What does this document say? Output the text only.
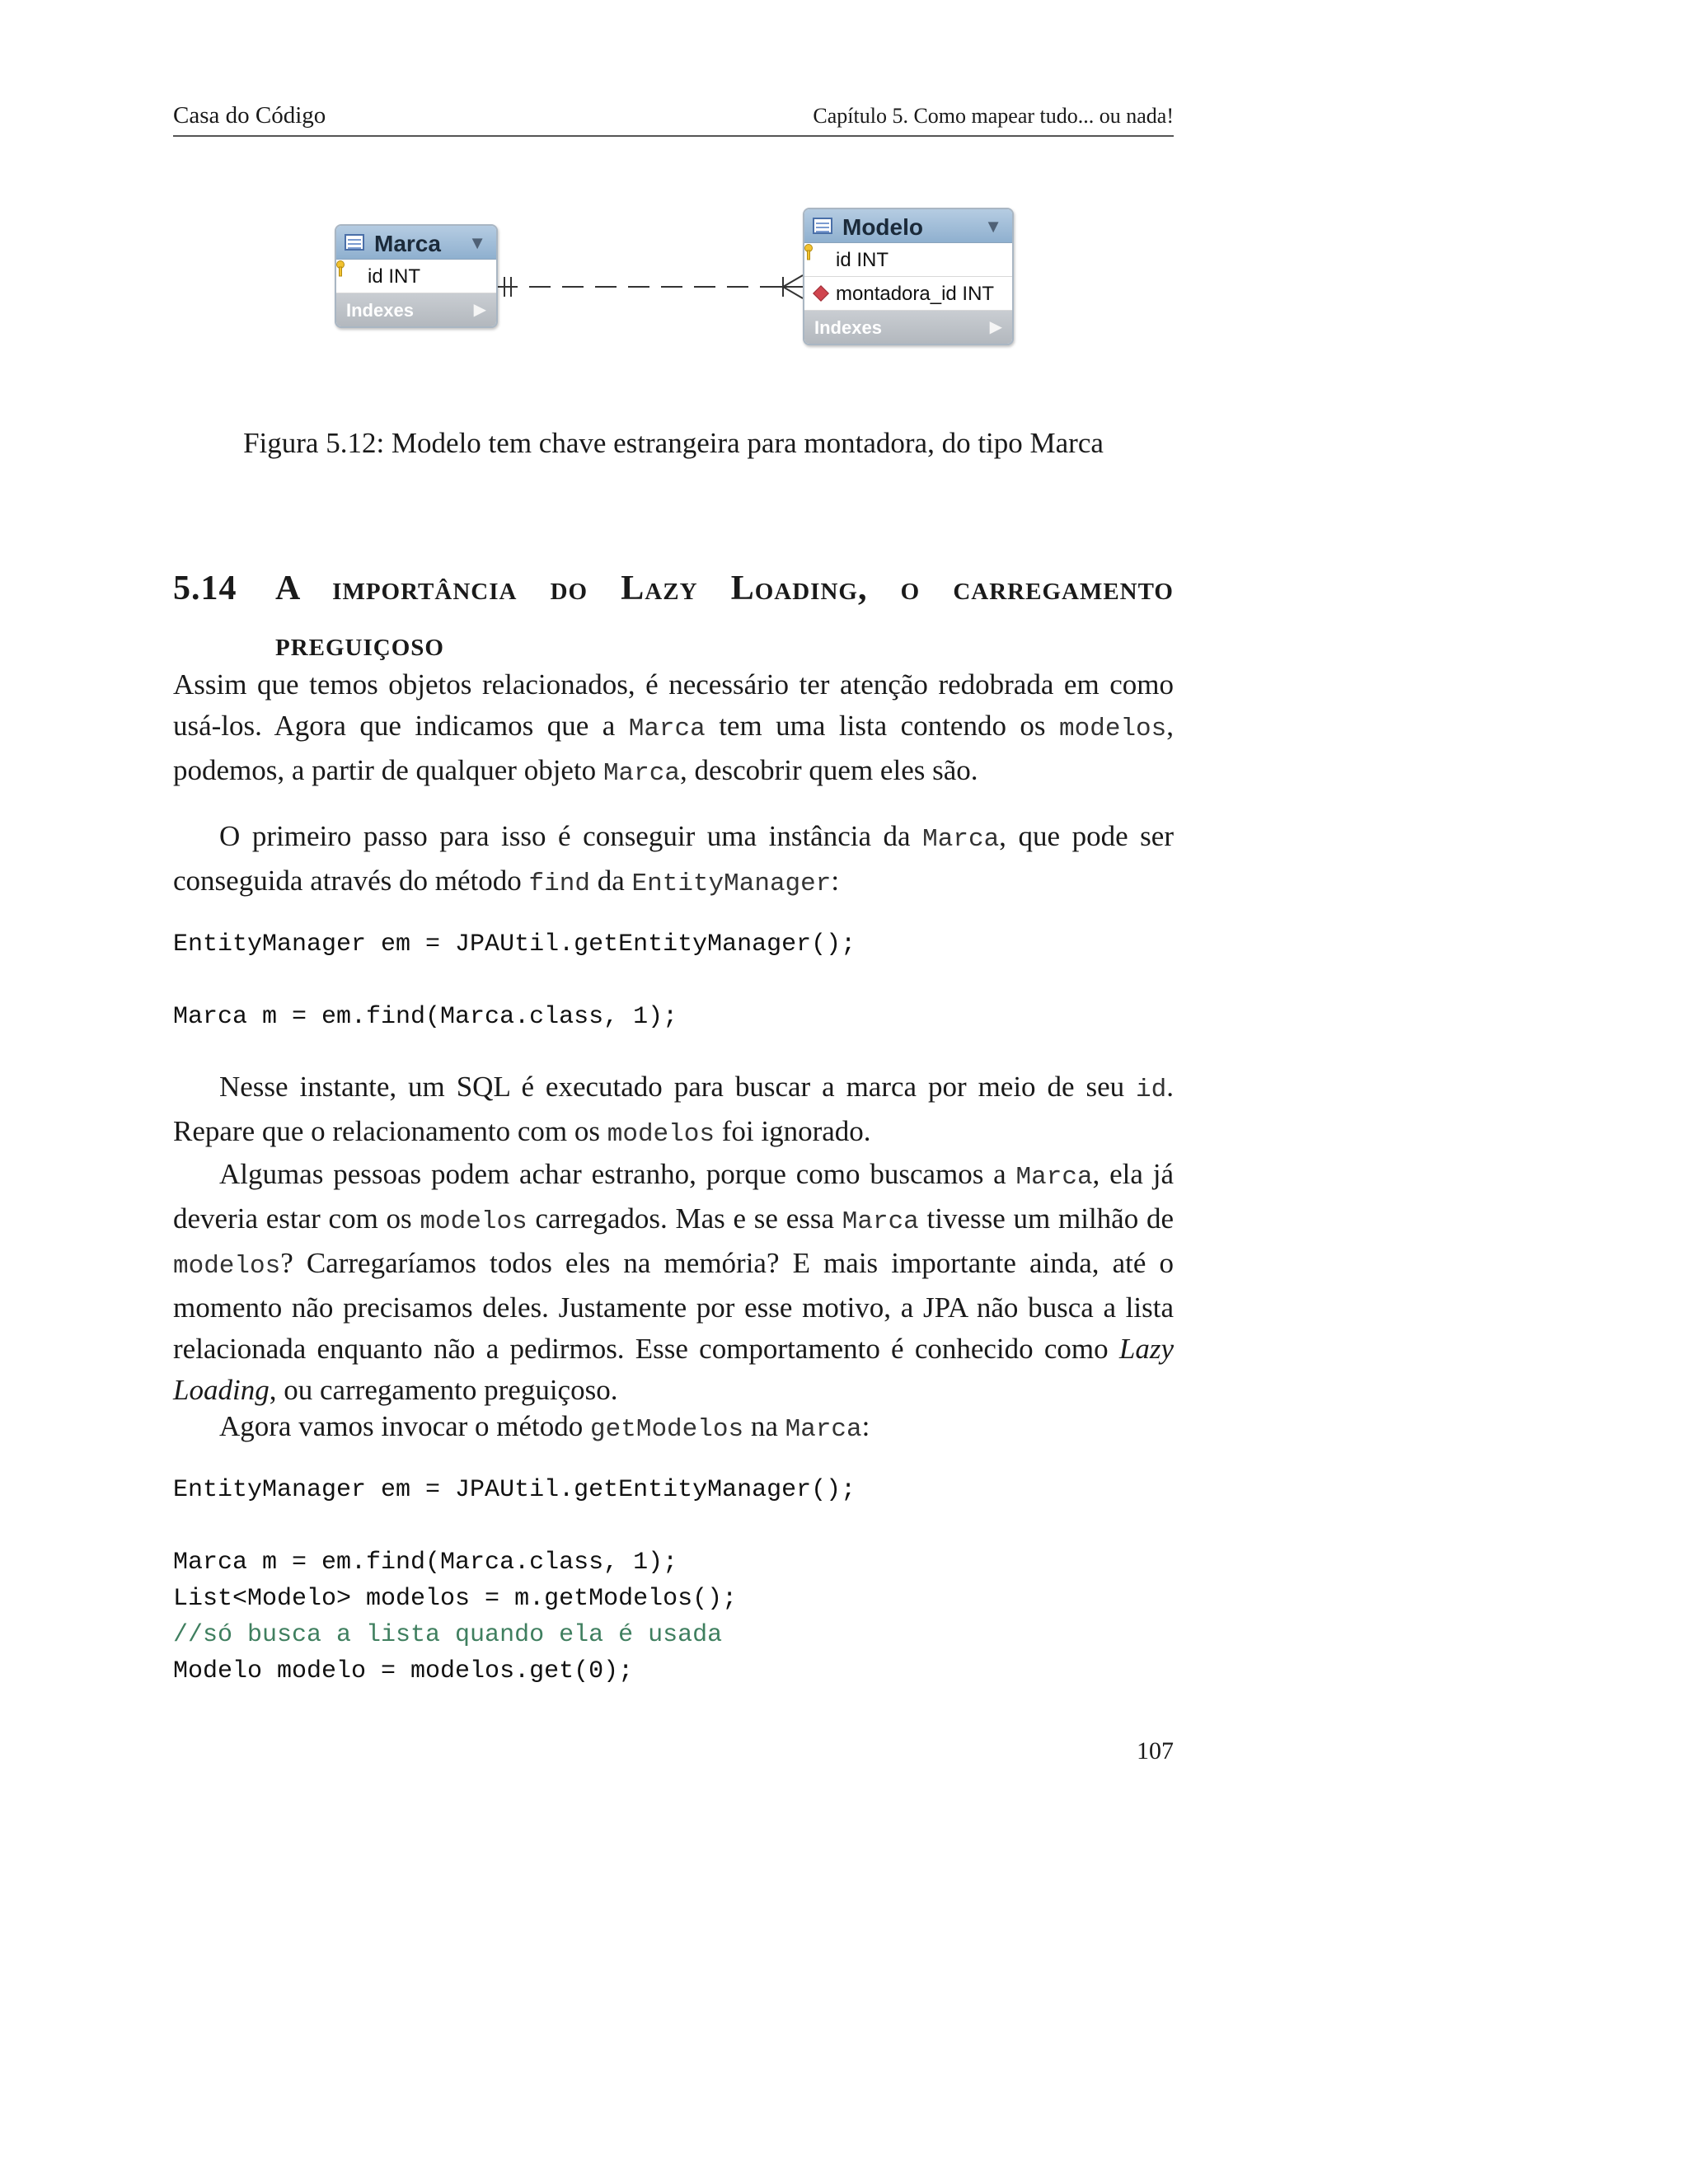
Casa do Código	Capítulo 5. Como mapear tudo... ou nada!
Marca ▼
id INT
Indexes	▶
Modelo	▼
id INT
montadora_id INT
Indexes	▶
Figura 5.12: Modelo tem chave estrangeira para montadora, do tipo Marca
5.14 A importância do Lazy Loading, o carregamento preguiçoso

Assim que temos objetos relacionados, é necessário ter atenção redobrada em como usá-los. Agora que indicamos que a Marca tem uma lista contendo os modelos, podemos, a partir de qualquer objeto Marca, descobrir quem eles são.

O primeiro passo para isso é conseguir uma instância da Marca, que pode ser conseguida através do método find da EntityManager:

EntityManager em = JPAUtil.getEntityManager();
Marca m = em.find(Marca.class, 1);

Nesse instante, um SQL é executado para buscar a marca por meio de seu id. Repare que o relacionamento com os modelos foi ignorado.

Algumas pessoas podem achar estranho, porque como buscamos a Marca, ela já deveria estar com os modelos carregados. Mas e se essa Marca tivesse um milhão de modelos? Carregaríamos todos eles na memória? E mais importante ainda, até o momento não precisamos deles. Justamente por esse motivo, a JPA não busca a lista relacionada enquanto não a pedirmos. Esse comportamento é conhecido como Lazy Loading, ou carregamento preguiçoso.

Agora vamos invocar o método getModelos na Marca:

EntityManager em = JPAUtil.getEntityManager();
Marca m = em.find(Marca.class, 1);
List<Modelo> modelos = m.getModelos();
//só busca a lista quando ela é usada
Modelo modelo = modelos.get(0);
107
